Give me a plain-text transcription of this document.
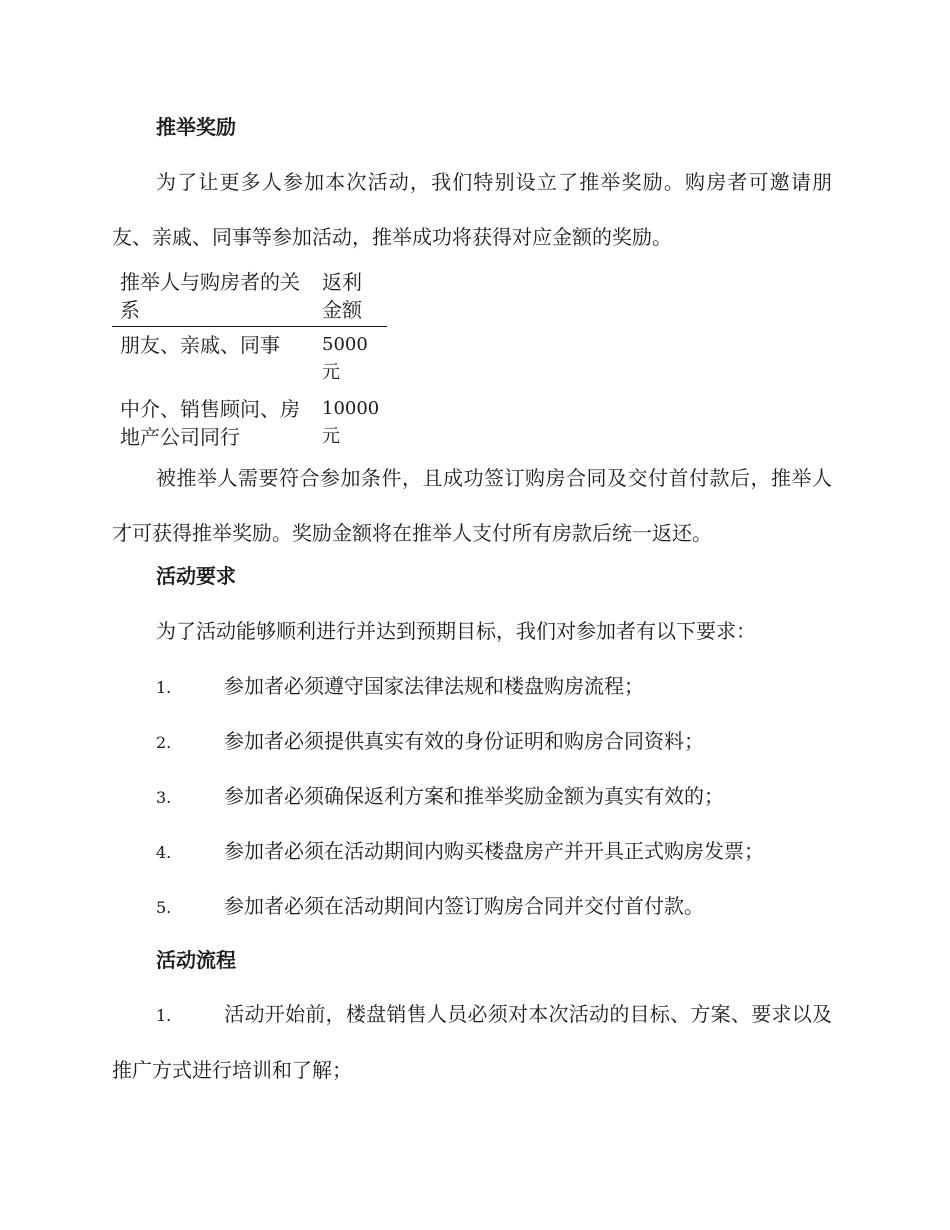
推举奖励
为了让更多人参加本次活动，我们特别设立了推举奖励。购房者可邀请朋友、亲戚、同事等参加活动，推举成功将获得对应金额的奖励。
推举人与购房者的关系	返利金额
朋友、亲戚、同事	5000元
中介、销售顾问、房地产公司同行	10000元
被推举人需要符合参加条件，且成功签订购房合同及交付首付款后，推举人才可获得推举奖励。奖励金额将在推举人支付所有房款后统一返还。
活动要求
为了活动能够顺利进行并达到预期目标，我们对参加者有以下要求：
1.	参加者必须遵守国家法律法规和楼盘购房流程；
2.	参加者必须提供真实有效的身份证明和购房合同资料；
3.	参加者必须确保返利方案和推举奖励金额为真实有效的；
4.	参加者必须在活动期间内购买楼盘房产并开具正式购房发票；
5.	参加者必须在活动期间内签订购房合同并交付首付款。
活动流程
1.	活动开始前，楼盘销售人员必须对本次活动的目标、方案、要求以及推广方式进行培训和了解；
